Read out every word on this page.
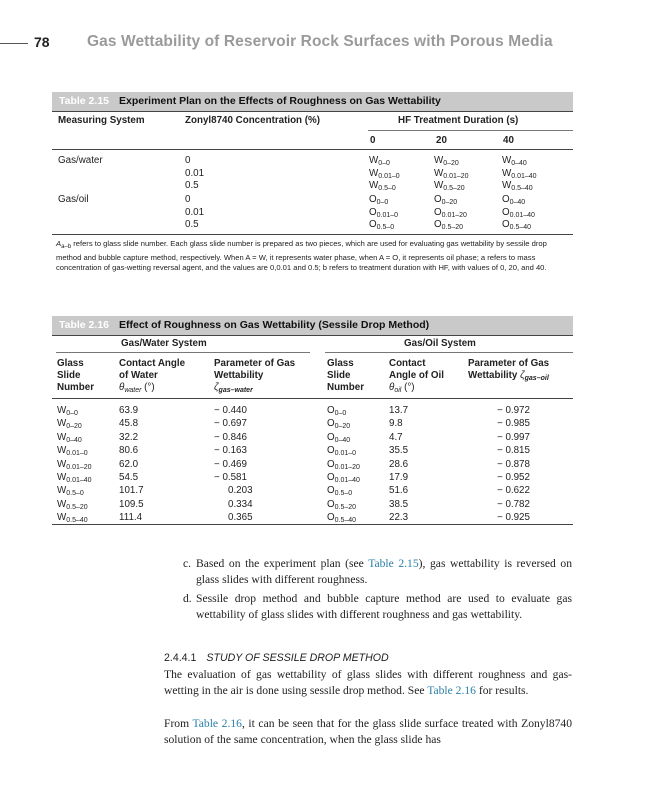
78 Gas Wettability of Reservoir Rock Surfaces with Porous Media
Table 2.15 Experiment Plan on the Effects of Roughness on Gas Wettability
Measuring System	Zonyl8740 Concentration (%)	HF Treatment Duration (s)
0	20	40
Gas/water	0	$W_{0-0}$	$W_{0-20}$	$W_{0-40}$
0.01	$W_{0.01-0}$	$W_{0.01-20}$	$W_{0.01-40}$
0.5	$W_{0.5-0}$	$W_{0.5-20}$	$W_{0.5-40}$
Gas/oil	0	$O_{0-0}$	$O_{0-20}$	$O_{0-40}$
0.01	$O_{0.01-0}$	$O_{0.01-20}$	$O_{0.01-40}$
0.5	$O_{0.5-0}$	$O_{0.5-20}$	$O_{0.5-40}$
$A_{a-b}$ refers to glass slide number. Each glass slide number is prepared as two pieces, which are used for evaluating gas wettability by sessile drop method and bubble capture method, respectively. When A = W, it represents water phase, when A = O, it represents oil phase; a refers to mass concentration of gas-wetting reversal agent, and the values are 0,0.01 and 0.5; b refers to treatment duration with HF, with values of 0, 20, and 40.
Table 2.16 Effect of Roughness on Gas Wettability (Sessile Drop Method)
Gas/Water System	Gas/Oil System
Glass
Slide
Number
Contact Angle
of Water
$\theta_{water}$ (°)
Parameter of Gas
Wettability
$\zeta_{gas-water}$
Glass
Slide
Number
Contact
Angle of Oil
$\theta_{oil}$ (°)
Parameter of Gas
Wettability $\zeta_{gas-oil}$
$W_{0-0}$	63.9	− 0.440	$O_{0-0}$	13.7	− 0.972
$W_{0-20}$	45.8	− 0.697	$O_{0-20}$	9.8	− 0.985
$W_{0-40}$	32.2	− 0.846	$O_{0-40}$	4.7	− 0.997
$W_{0.01-0}$	80.6	− 0.163	$O_{0.01-0}$	35.5	− 0.815
$W_{0.01-20}$	62.0	− 0.469	$O_{0.01-20}$	28.6	− 0.878
$W_{0.01-40}$	54.5	− 0.581	$O_{0.01-40}$	17.9	− 0.952
$W_{0.5-0}$	101.7	0.203	$O_{0.5-0}$	51.6	− 0.622
$W_{0.5-20}$	109.5	0.334	$O_{0.5-20}$	38.5	− 0.782
$W_{0.5-40}$	111.4	0.365	$O_{0.5-40}$	22.3	− 0.925
c. Based on the experiment plan (see Table 2.15), gas wettability is reversed on glass slides with different roughness.
d. Sessile drop method and bubble capture method are used to evaluate gas wettability of glass slides with different roughness and gas wettability.
2.4.4.1 STUDY OF SESSILE DROP METHOD
The evaluation of gas wettability of glass slides with different roughness and gas-wetting in the air is done using sessile drop method. See Table 2.16 for results.
From Table 2.16, it can be seen that for the glass slide surface treated with Zonyl8740 solution of the same concentration, when the glass slide has
